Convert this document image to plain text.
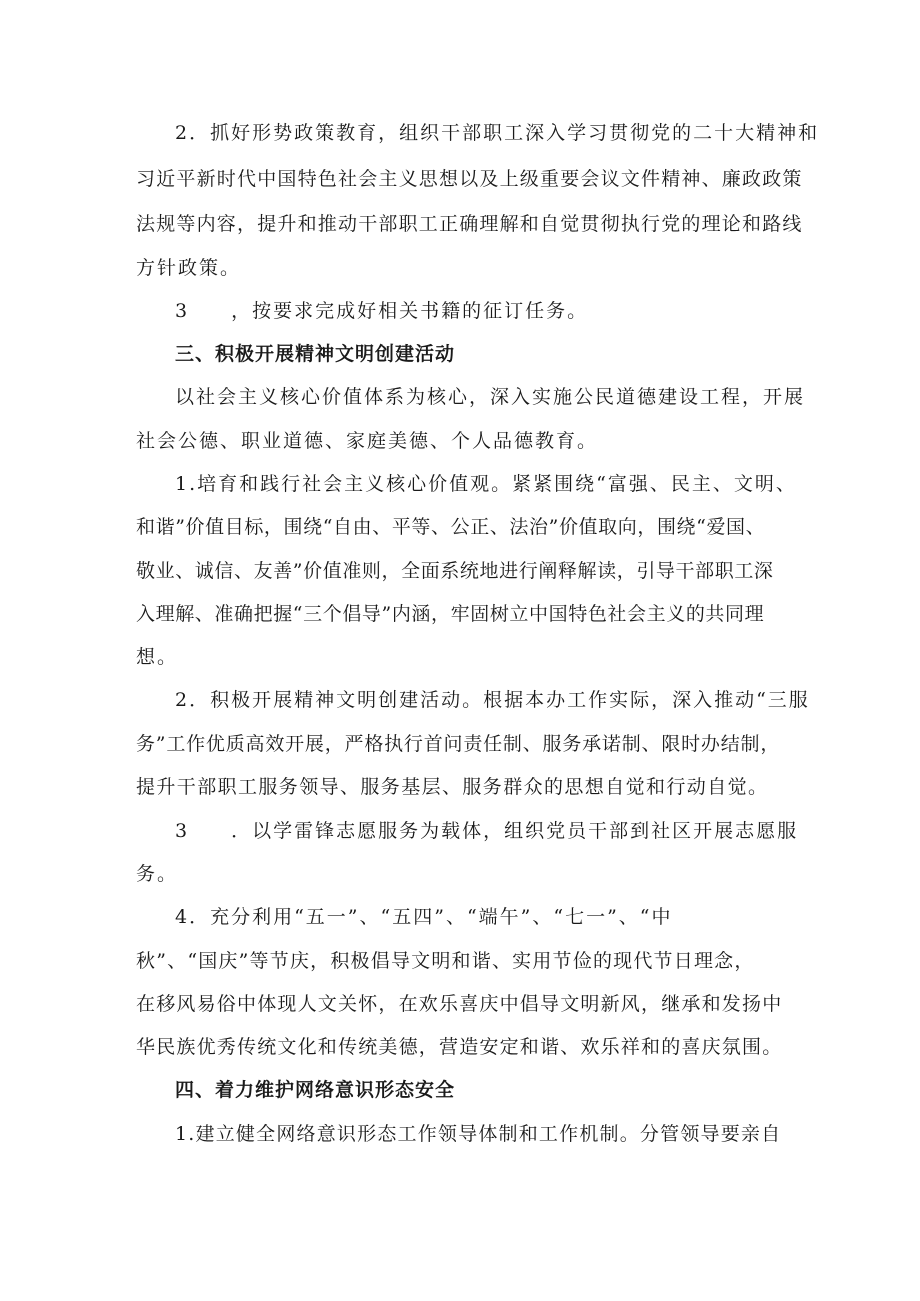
2．抓好形势政策教育，组织干部职工深入学习贯彻党的二十大精神和
习近平新时代中国特色社会主义思想以及上级重要会议文件精神、廉政政策
法规等内容，提升和推动干部职工正确理解和自觉贯彻执行党的理论和路线
方针政策。
3　　，按要求完成好相关书籍的征订任务。
三、积极开展精神文明创建活动
以社会主义核心价值体系为核心，深入实施公民道德建设工程，开展
社会公德、职业道德、家庭美德、个人品德教育。
1.培育和践行社会主义核心价值观。紧紧围绕“富强、民主、文明、
和谐”价值目标，围绕“自由、平等、公正、法治”价值取向，围绕“爱国、
敬业、诚信、友善”价值准则，全面系统地进行阐释解读，引导干部职工深
入理解、准确把握“三个倡导”内涵，牢固树立中国特色社会主义的共同理
想。
2．积极开展精神文明创建活动。根据本办工作实际，深入推动“三服
务”工作优质高效开展，严格执行首问责任制、服务承诺制、限时办结制，
提升干部职工服务领导、服务基层、服务群众的思想自觉和行动自觉。
3　　．以学雷锋志愿服务为载体，组织党员干部到社区开展志愿服
务。
4．充分利用“五一”、“五四”、“端午”、“七一”、“中
秋”、“国庆”等节庆，积极倡导文明和谐、实用节俭的现代节日理念，
在移风易俗中体现人文关怀，在欢乐喜庆中倡导文明新风，继承和发扬中
华民族优秀传统文化和传统美德，营造安定和谐、欢乐祥和的喜庆氛围。
四、着力维护网络意识形态安全
1.建立健全网络意识形态工作领导体制和工作机制。分管领导要亲自
